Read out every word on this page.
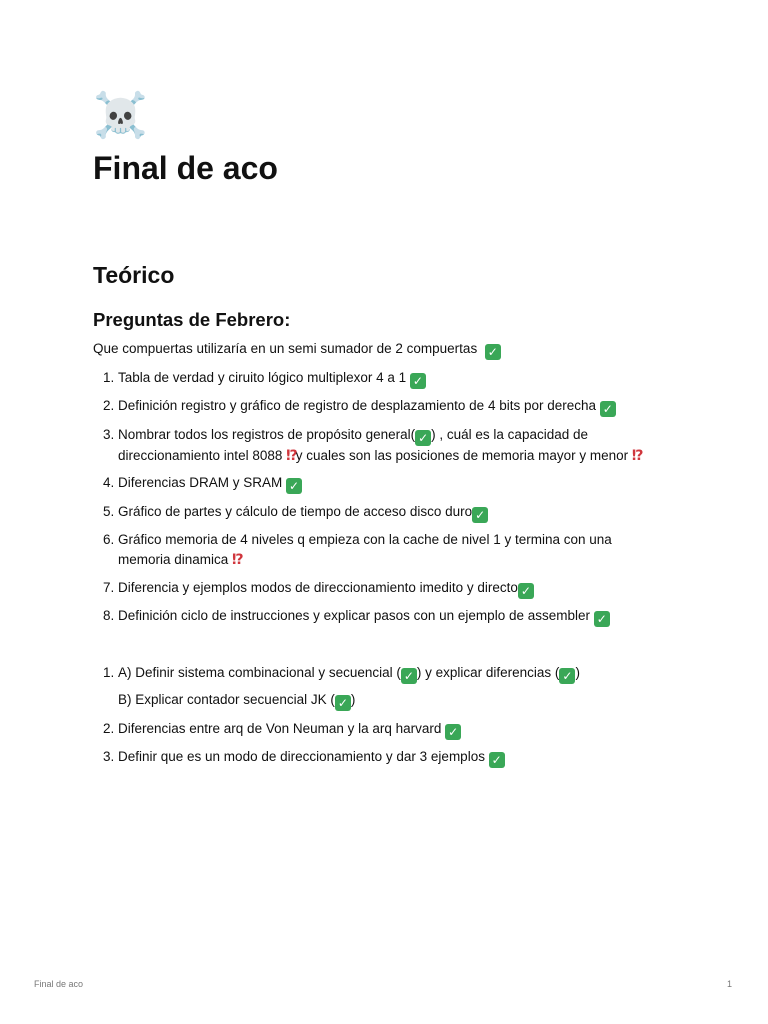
☠️
Final de aco
Teórico
Preguntas de Febrero:

Que compuertas utilizaría en un semi sumador de 2 compuertas ✓

1. Tabla de verdad y ciruito lógico multiplexor 4 a 1 ✓
2. Definición registro y gráfico de registro de desplazamiento de 4 bits por derecha ✓
3. Nombrar todos los registros de propósito general( ✓ ) , cuál es la capacidad de direccionamiento intel 8088 ⁉y cuales son las posiciones de memoria mayor y menor ⁉
4. Diferencias DRAM y SRAM ✓
5. Gráfico de partes y cálculo de tiempo de acceso disco duro ✓
6. Gráfico memoria de 4 niveles q empieza con la cache de nivel 1 y termina con una memoria dinamica ⁉
7. Diferencia y ejemplos modos de direccionamiento imedito y directo ✓
8. Definición ciclo de instrucciones y explicar pasos con un ejemplo de assembler ✓
1. A) Definir sistema combinacional y secuencial ( ✓ ) y explicar diferencias ( ✓ )
B) Explicar contador secuencial JK ( ✓ )
2. Diferencias entre arq de Von Neuman y la arq harvard ✓
3. Definir que es un modo de direccionamiento y dar 3 ejemplos ✓
Final de aco	1
